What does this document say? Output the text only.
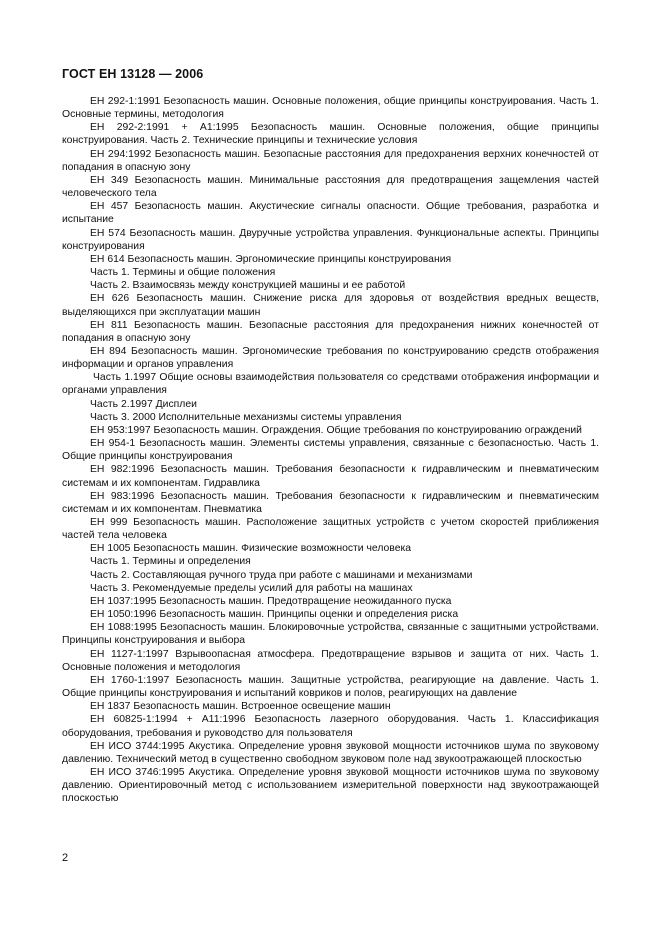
ГОСТ ЕН 13128 — 2006

ЕН 292-1:1991 Безопасность машин. Основные положения, общие принципы конструирования. Часть 1. Основные термины, методология

ЕН 292-2:1991 + А1:1995 Безопасность машин. Основные положения, общие принципы конструирования. Часть 2. Технические принципы и технические условия

ЕН 294:1992 Безопасность машин. Безопасные расстояния для предохранения верхних конечностей от попадания в опасную зону

ЕН 349 Безопасность машин. Минимальные расстояния для предотвращения защемления частей человеческого тела

ЕН 457 Безопасность машин. Акустические сигналы опасности. Общие требования, разработка и испытание

ЕН 574 Безопасность машин. Двуручные устройства управления. Функциональные аспекты. Принципы конструирования

ЕН 614 Безопасность машин. Эргономические принципы конструирования

Часть 1. Термины и общие положения

Часть 2. Взаимосвязь между конструкцией машины и ее работой

ЕН 626 Безопасность машин. Снижение риска для здоровья от воздействия вредных веществ, выделяющихся при эксплуатации машин

ЕН 811 Безопасность машин. Безопасные расстояния для предохранения нижних конечностей от попадания в опасную зону

ЕН 894 Безопасность машин. Эргономические требования по конструированию средств отображения информации и органов управления

Часть 1.1997 Общие основы взаимодействия пользователя со средствами отображения информации и органами управления

Часть 2.1997 Дисплеи

Часть 3. 2000 Исполнительные механизмы системы управления

ЕН 953:1997 Безопасность машин. Ограждения. Общие требования по конструированию ограждений

ЕН 954-1 Безопасность машин. Элементы системы управления, связанные с безопасностью. Часть 1. Общие принципы конструирования

ЕН 982:1996 Безопасность машин. Требования безопасности к гидравлическим и пневматическим системам и их компонентам. Гидравлика

ЕН 983:1996 Безопасность машин. Требования безопасности к гидравлическим и пневматическим системам и их компонентам. Пневматика

ЕН 999 Безопасность машин. Расположение защитных устройств с учетом скоростей приближения частей тела человека

ЕН 1005 Безопасность машин. Физические возможности человека

Часть 1. Термины и определения

Часть 2. Составляющая ручного труда при работе с машинами и механизмами

Часть 3. Рекомендуемые пределы усилий для работы на машинах

ЕН 1037:1995 Безопасность машин. Предотвращение неожиданного пуска

ЕН 1050:1996 Безопасность машин. Принципы оценки и определения риска

ЕН 1088:1995 Безопасность машин. Блокировочные устройства, связанные с защитными устройствами. Принципы конструирования и выбора

ЕН 1127-1:1997 Взрывоопасная атмосфера. Предотвращение взрывов и защита от них. Часть 1. Основные положения и методология

ЕН 1760-1:1997 Безопасность машин. Защитные устройства, реагирующие на давление. Часть 1. Общие принципы конструирования и испытаний ковриков и полов, реагирующих на давление

ЕН 1837 Безопасность машин. Встроенное освещение машин

ЕН 60825-1:1994 + А11:1996 Безопасность лазерного оборудования. Часть 1. Классификация оборудования, требования и руководство для пользователя

ЕН ИСО 3744:1995 Акустика. Определение уровня звуковой мощности источников шума по звуковому давлению. Технический метод в существенно свободном звуковом поле над звукоотражающей плоскостью

ЕН ИСО 3746:1995 Акустика. Определение уровня звуковой мощности источников шума по звуковому давлению. Ориентировочный метод с использованием измерительной поверхности над звукоотражающей плоскостью

2
